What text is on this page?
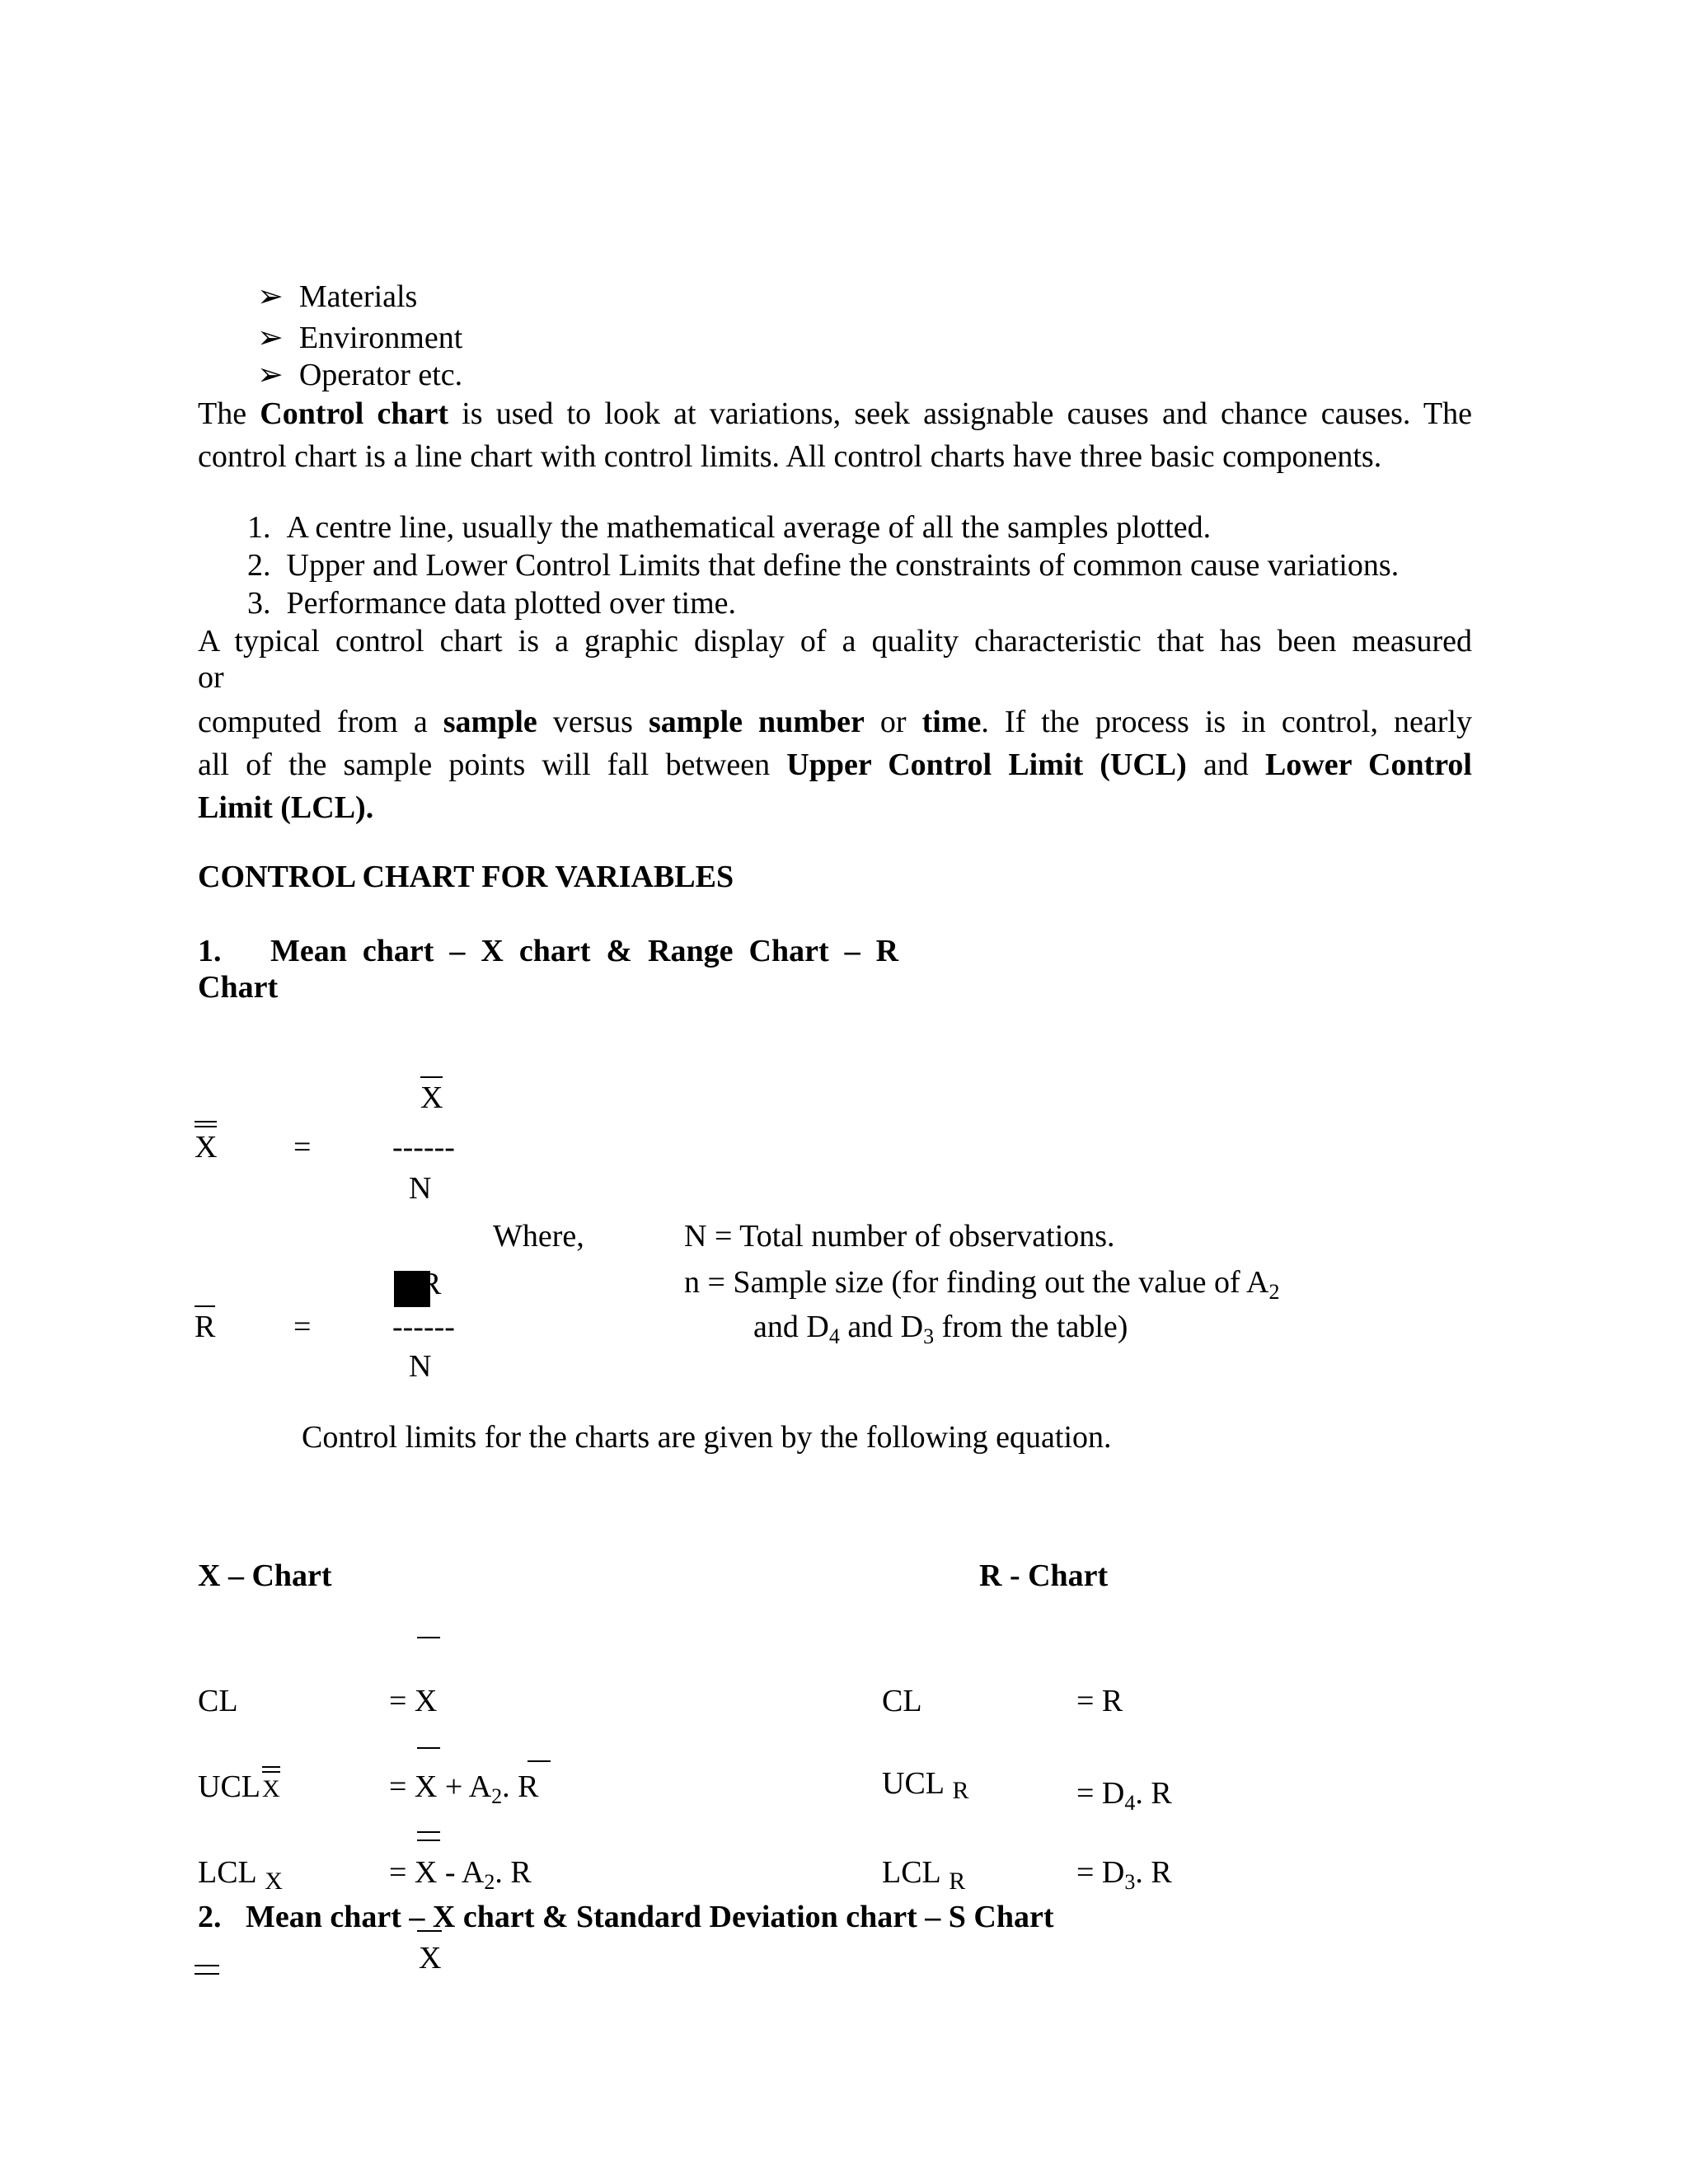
➢ Materials
➢ Environment
➢ Operator etc.
The Control chart is used to look at variations, seek assignable causes and chance causes. The
control chart is a line chart with control limits. All control charts have three basic components.
1. A centre line, usually the mathematical average of all the samples plotted.
2. Upper and Lower Control Limits that define the constraints of common cause variations.
3. Performance data plotted over time.
A typical control chart is a graphic display of a quality characteristic that has been measured
or
computed from a sample versus sample number or time. If the process is in control, nearly
all of the sample points will fall between Upper Control Limit (UCL) and Lower Control
Limit (LCL).
CONTROL CHART FOR VARIABLES
1. Mean chart – X chart & Range Chart – R
Chart
X
X =	------
N
Where,	N = Total number of observations.
n = Sample size (for finding out the value of $A_2$
and $D_4$ and $D_3$ from the table)
R
R =	------
N
Control limits for the charts are given by the following equation.
X – Chart
CL	= X
UCLX	= $X + A_2$. R
LCL $_X$	= X - $A_2$. R
R - Chart
CL	= R
UCL R	= $D_4$. R
LCL $_R$	= $D_3$. R
2. Mean chart – X chart & Standard Deviation chart – S Chart
X
